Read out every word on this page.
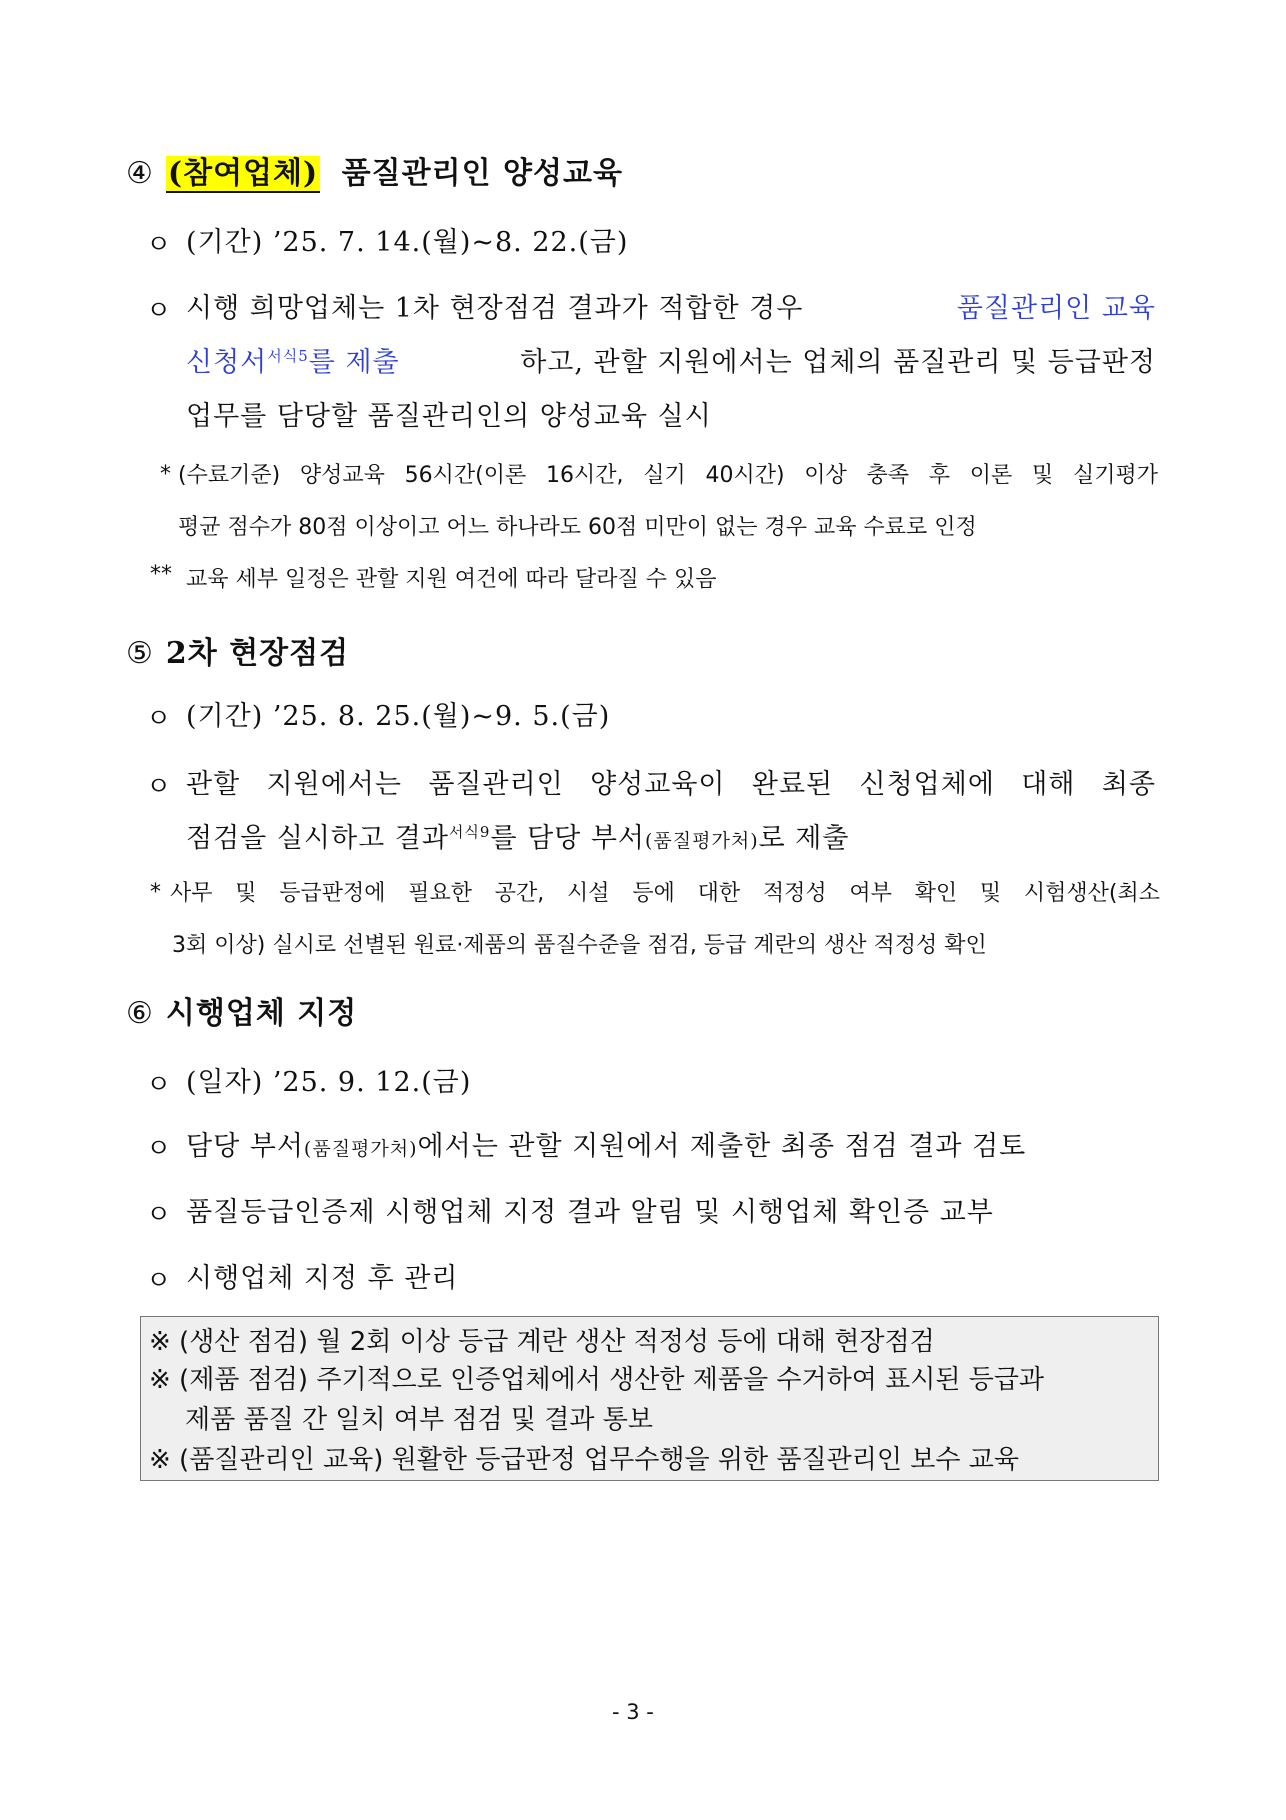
④ (참여업체) 품질관리인 양성교육
ㅇ (기간) ’25. 7. 14.(월)~8. 22.(금)
ㅇ 시행 희망업체는 1차 현장점검 결과가 적합한 경우	품질관리인 교육
신청서$^{서식5}$를 제출	하고, 관할 지원에서는 업체의 품질관리 및 등급판정
업무를 담당할 품질관리인의 양성교육 실시
* (수료기준) 양성교육 56시간(이론 16시간, 실기 40시간) 이상 충족 후 이론 및 실기평가
평균 점수가 80점 이상이고 어느 하나라도 60점 미만이 없는 경우 교육 수료로 인정
** 교육 세부 일정은 관할 지원 여건에 따라 달라질 수 있음
⑤ 2차 현장점검
ㅇ (기간) ’25. 8. 25.(월)~9. 5.(금)
ㅇ 관할 지원에서는 품질관리인 양성교육이 완료된 신청업체에 대해 최종
점검을 실시하고 결과$^{서식9}$를 담당 부서(품질평가처)로 제출
* 사무 및 등급판정에 필요한 공간, 시설 등에 대한 적정성 여부 확인 및 시험생산(최소
3회 이상) 실시로 선별된 원료·제품의 품질수준을 점검, 등급 계란의 생산 적정성 확인
⑥ 시행업체 지정
ㅇ (일자) ’25. 9. 12.(금)
ㅇ 담당 부서(품질평가처)에서는 관할 지원에서 제출한 최종 점검 결과 검토
ㅇ 품질등급인증제 시행업체 지정 결과 알림 및 시행업체 확인증 교부
ㅇ 시행업체 지정 후 관리
※ (생산 점검) 월 2회 이상 등급 계란 생산 적정성 등에 대해 현장점검
※ (제품 점검) 주기적으로 인증업체에서 생산한 제품을 수거하여 표시된 등급과
제품 품질 간 일치 여부 점검 및 결과 통보
※ (품질관리인 교육) 원활한 등급판정 업무수행을 위한 품질관리인 보수 교육
- 3 -
